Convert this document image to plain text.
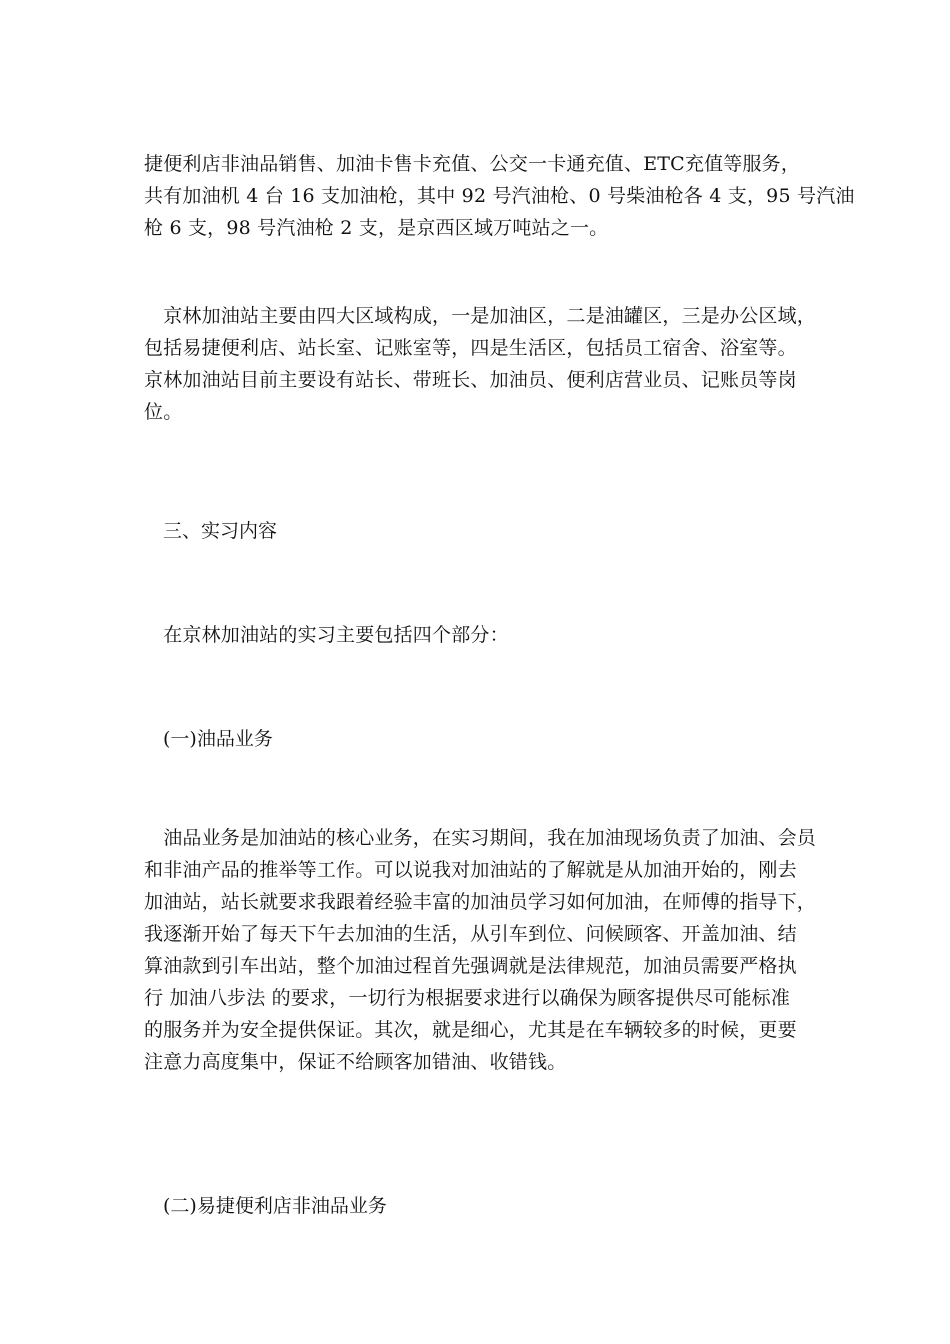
捷便利店非油品销售、加油卡售卡充值、公交一卡通充值、ETC充值等服务，
共有加油机 4 台 16 支加油枪，其中 92 号汽油枪、0 号柴油枪各 4 支，95 号汽油
枪 6 支，98 号汽油枪 2 支，是京西区域万吨站之一。
　京林加油站主要由四大区域构成，一是加油区，二是油罐区，三是办公区域，
包括易捷便利店、站长室、记账室等，四是生活区，包括员工宿舍、浴室等。
京林加油站目前主要设有站长、带班长、加油员、便利店营业员、记账员等岗
位。
　三、实习内容
　在京林加油站的实习主要包括四个部分：
　(一)油品业务
　油品业务是加油站的核心业务，在实习期间，我在加油现场负责了加油、会员
和非油产品的推举等工作。可以说我对加油站的了解就是从加油开始的，刚去
加油站，站长就要求我跟着经验丰富的加油员学习如何加油，在师傅的指导下，
我逐渐开始了每天下午去加油的生活，从引车到位、问候顾客、开盖加油、结
算油款到引车出站，整个加油过程首先强调就是法律规范，加油员需要严格执
行 加油八步法 的要求，一切行为根据要求进行以确保为顾客提供尽可能标准
的服务并为安全提供保证。其次，就是细心，尤其是在车辆较多的时候，更要
注意力高度集中，保证不给顾客加错油、收错钱。
　(二)易捷便利店非油品业务
